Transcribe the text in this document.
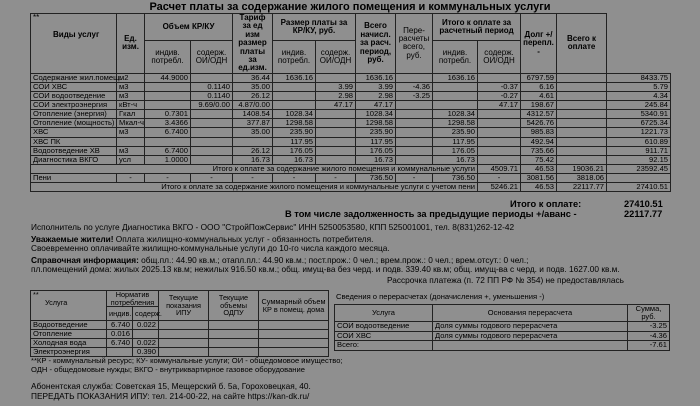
Расчет платы за содержание жилого помещения и коммунальных услуги
**

Виды услуг	Ед. изм.	Объем КР/КУ		Тариф за ед изм размер платы за ед.изм.	Размер платы за КР/КУ, руб.		Всего начисл. за расч. период, руб.	Пере-расчеты всего, руб.	Итого к оплате за расчетный период		Долг +/ перепл. -	Всего к оплате	
		индив. потребл.	содерж. ОИ/ОДН		индив. потребл.	содерж. ОИ/ОДН			индив. потребл.	содерж. ОИ/ОДН			
Содержание жил.помещ.	м2	44.9000		36.44	1636.16		1636.16		1636.16		6797.59		8433.75
СОИ ХВС	м3		0.1140	35.00		3.99	3.99	-4.36		-0.37	6.16		5.79
СОИ водоотведение	м3		0.1140	26.12		2.98	2.98	-3.25		-0.27	4.61		4.34
СОИ электроэнергия	кВт-ч		9.69/0.00	4.87/0.00		47.17	47.17			47.17	198.67		245.84
Отопление (энергия)	Гкал	0.7301		1408.54	1028.34		1028.34		1028.34		4312.57		5340.91
Отопление (мощность)	Мкал-ч	3.4366		377.87	1298.58		1298.58		1298.58		5426.76		6725.34
ХВС	м3	6.7400		35.00	235.90		235.90		235.90		985.83		1221.73
ХВС ПК					117.95		117.95		117.95		492.94		610.89
Водоотведение ХВ	м3	6.7400		26.12	176.05		176.05		176.05		735.66		911.71
Диагностика ВКГО	усл	1.0000		16.73	16.73		16.73		16.73		75.42		92.15
Итого к оплате за содержание жилого помещения и коммунальные услуги										4509.71	46.53	19036.21	23592.45
Пени	-	-	-	-	-	-	736.50	-	736.50	-	3081.56	3818.06	
Итого к оплате за содержание жилого помещения и коммунальные услуги с учетом пени										5246.21	46.53	22117.77	27410.51
Итого к оплате:	27410.51
В том числе задолженность за предыдущие периоды +/аванс -	22117.77
Исполнитель по услуге Диагностика ВКГО - ООО "СтройПожСервис" ИНН 5250053580, КПП 525001001, тел. 8(831)262-12-42
Уважаемые жители! Оплата жилищно-коммунальных услуг - обязанность потребителя.
Своевременно оплачивайте жилищно-коммунальные услуги до 10-го числа каждого месяца.
Справочная информация: общ.пл.: 44.90 кв.м.; отапл.пл.: 44.90 кв.м.; пост.прож.: 0 чел.; врем.прож.: 0 чел.; врем.отсут.: 0 чел.;
пл.помещений дома: жилых 2025.13 кв.м; нежилых 916.50 кв.м.; общ. имущ-ва без черд. и подв. 339.40 кв.м; общ. имущ-ва с черд. и подв. 1627.00 кв.м.
Рассрочка платежа (п. 72 ПП РФ № 354) не предоставлялась
**
Услуга	Норматив потребления		Текущие показания ИПУ	Текущие объемы ОДПУ	Суммарный объем КР в помещ. дома
	индив.	содерж.			
Водоотведение	6.740	0.022			
Отопление	0.016				
Холодная вода	6.740	0.022			
Электроэнергия		0.390			
Сведения о перерасчетах (доначисления +, уменьшения -)
Услуга	Основания перерасчета	Сумма, руб.
СОИ водоотведение	Доля суммы годового перерасчета	-3.25
СОИ ХВС	Доля суммы годового перерасчета	-4.36
Всего:		-7.61
**КР - коммунальный ресурс; КУ- коммунальные услуги; ОИ - общедомовое имущество;
ОДН - общедомовые нужды; ВКГО - внутриквартирное газовое оборудование
Абонентская служба: Советская 15, Мещерский б. 5а, Гороховецкая, 40.
ПЕРЕДАТЬ ПОКАЗАНИЯ ИПУ: тел. 214-00-22, на сайте https://kan-dk.ru/
